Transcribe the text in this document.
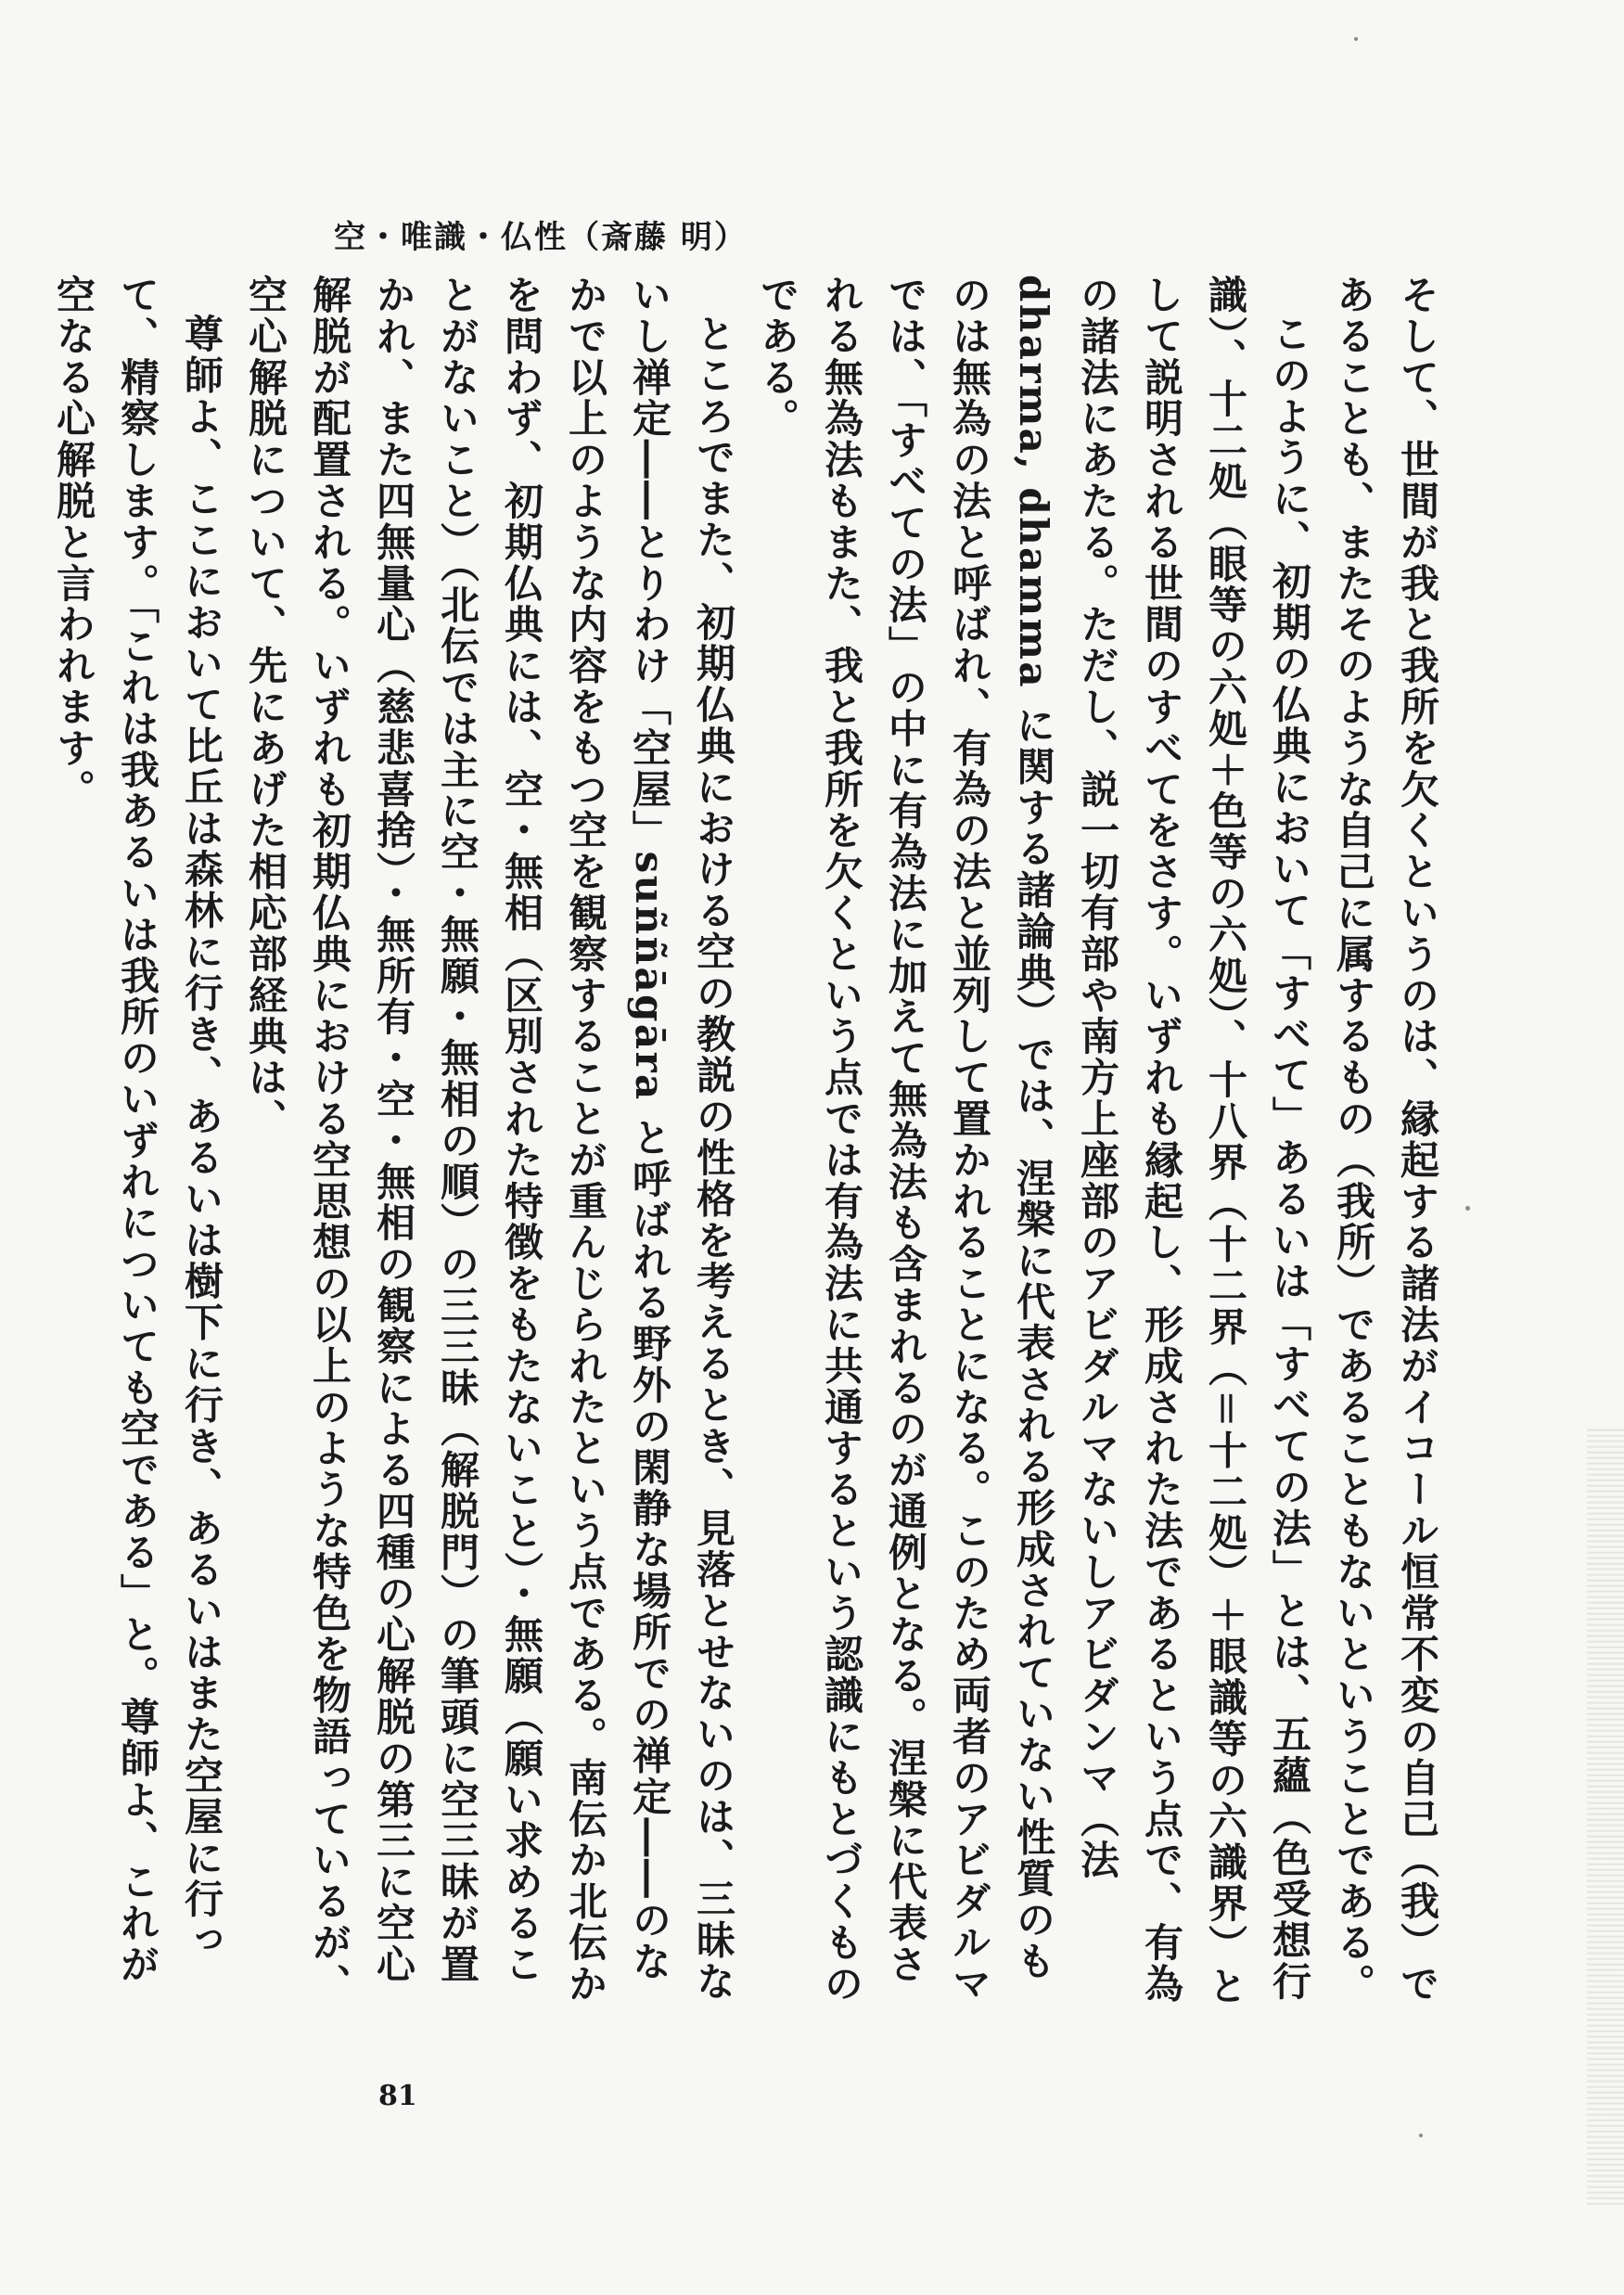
空・唯識・仏性（斎藤 明）

そして、世間が我と我所を欠くというのは、縁起する諸法がイコール恒常不変の自己（我）であることも、またそのような自己に属するもの（我所）であることもないということである。

このように、初期の仏典において「すべて」あるいは「すべての法」とは、五蘊（色受想行識）、十二処（眼等の六処＋色等の六処）、十八界（十二界（＝十二処）＋眼識等の六識界）として説明される世間のすべてをさす。いずれも縁起し、形成された法であるという点で、有為の諸法にあたる。ただし、説一切有部や南方上座部のアビダルマないしアビダンマ（法 dharma, dhamma に関する諸論典）では、涅槃に代表される形成されていない性質のものは無為の法と呼ばれ、有為の法と並列して置かれることになる。このため両者のアビダルマでは、「すべての法」の中に有為法に加えて無為法も含まれるのが通例となる。涅槃に代表される無為法もまた、我と我所を欠くという点では有為法に共通するという認識にもとづくものである。

ところでまた、初期仏典における空の教説の性格を考えるとき、見落とせないのは、三昧ないし禅定――とりわけ「空屋」suññāgāra と呼ばれる野外の閑静な場所での禅定――のなかで以上のような内容をもつ空を観察することが重んじられたという点である。南伝か北伝かを問わず、初期仏典には、空・無相（区別された特徴をもたないこと）・無願（願い求めることがないこと）（北伝では主に空・無願・無相の順）の三三昧（解脱門）の筆頭に空三昧が置かれ、また四無量心（慈悲喜捨）・無所有・空・無相の観察による四種の心解脱の第三に空心解脱が配置される。いずれも初期仏典における空思想の以上のような特色を物語っているが、空心解脱について、先にあげた相応部経典は、

尊師よ、ここにおいて比丘は森林に行き、あるいは樹下に行き、あるいはまた空屋に行って、精察します。「これは我あるいは我所のいずれについても空である」と。尊師よ、これが空なる心解脱と言われます。

81
